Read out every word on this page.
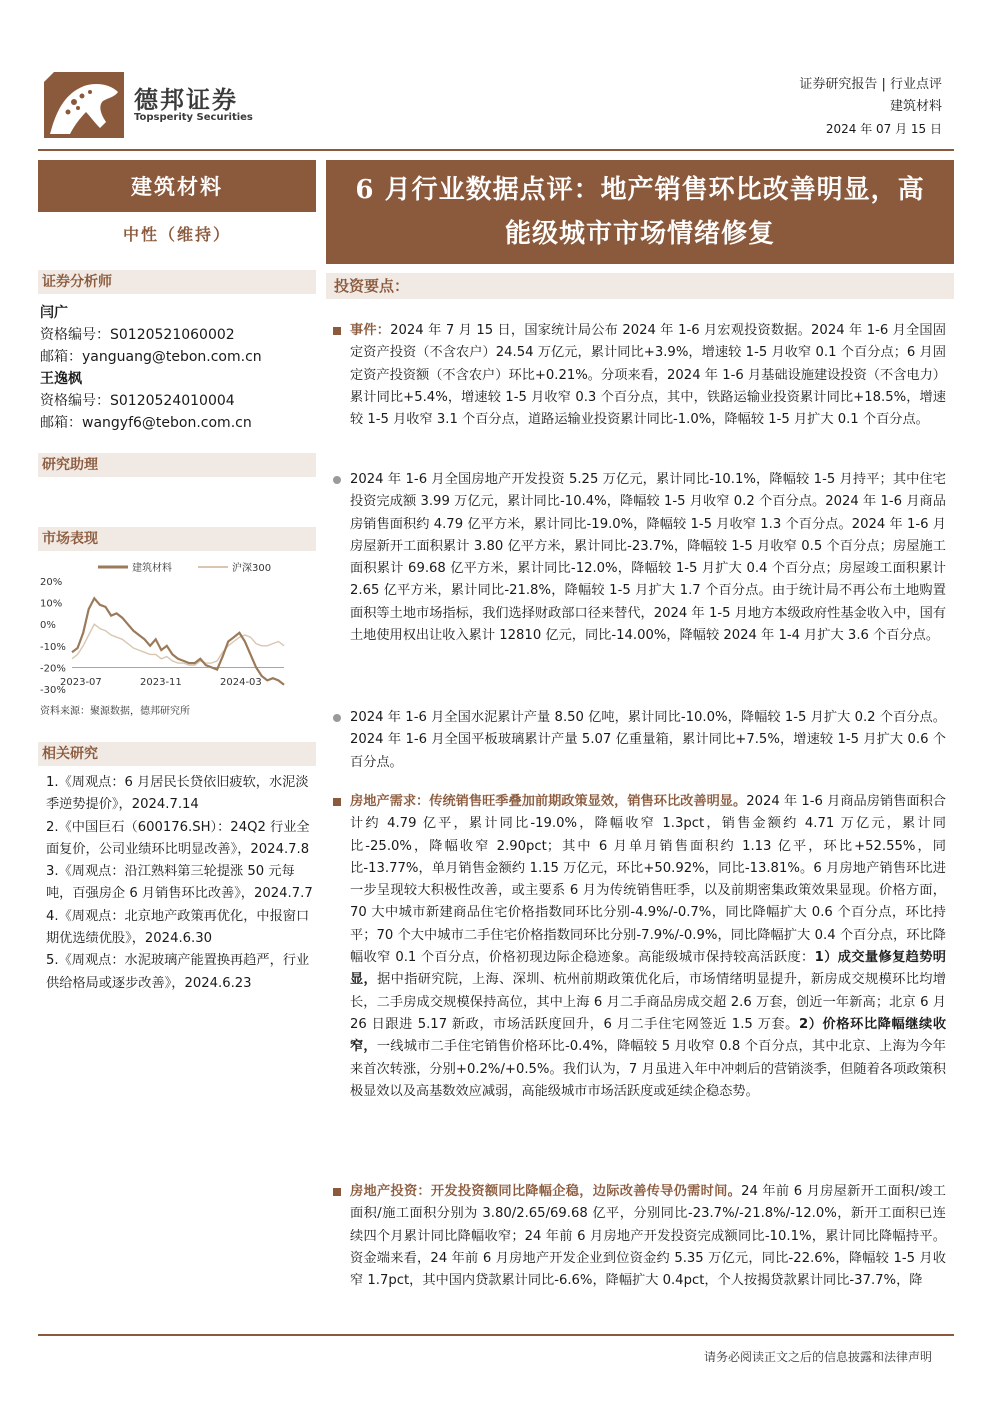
德邦证券
Topsperity Securities
证券研究报告 | 行业点评
建筑材料
2024 年 07 月 15 日
建筑材料
中性（维持）
6 月行业数据点评：地产销售环比改善明显，高能级城市市场情绪修复
证券分析师
闫广
资格编号：S0120521060002
邮箱：yanguang@tebon.com.cn
王逸枫
资格编号：S0120524010004
邮箱：wangyf6@tebon.com.cn
研究助理
市场表现
建筑材料	沪深300
20%
10%
0%
-10%
-20%
-30%
2023-07	2023-11	2024-03
资料来源：聚源数据，德邦研究所
相关研究
1.《周观点：6 月居民长贷依旧疲软，水泥淡季逆势提价》，2024.7.14
2.《中国巨石（600176.SH）：24Q2 行业全面复价，公司业绩环比明显改善》，2024.7.8
3.《周观点：沿江熟料第三轮提涨 50 元每吨，百强房企 6 月销售环比改善》，2024.7.7
4.《周观点：北京地产政策再优化，中报窗口期优选绩优股》，2024.6.30
5.《周观点：水泥玻璃产能置换再趋严，行业供给格局或逐步改善》，2024.6.23
投资要点：
事件：2024 年 7 月 15 日，国家统计局公布 2024 年 1-6 月宏观投资数据。2024 年 1-6 月全国固定资产投资（不含农户）24.54 万亿元，累计同比+3.9%，增速较 1-5 月收窄 0.1 个百分点；6 月固定资产投资额（不含农户）环比+0.21%。分项来看，2024 年 1-6 月基础设施建设投资（不含电力）累计同比+5.4%，增速较 1-5 月收窄 0.3 个百分点，其中，铁路运输业投资累计同比+18.5%，增速较 1-5 月收窄 3.1 个百分点，道路运输业投资累计同比-1.0%，降幅较 1-5 月扩大 0.1 个百分点。
2024 年 1-6 月全国房地产开发投资 5.25 万亿元，累计同比-10.1%，降幅较 1-5 月持平；其中住宅投资完成额 3.99 万亿元，累计同比-10.4%，降幅较 1-5 月收窄 0.2 个百分点。2024 年 1-6 月商品房销售面积约 4.79 亿平方米，累计同比-19.0%，降幅较 1-5 月收窄 1.3 个百分点。2024 年 1-6 月房屋新开工面积累计 3.80 亿平方米，累计同比-23.7%，降幅较 1-5 月收窄 0.5 个百分点；房屋施工面积累计 69.68 亿平方米，累计同比-12.0%，降幅较 1-5 月扩大 0.4 个百分点；房屋竣工面积累计 2.65 亿平方米，累计同比-21.8%，降幅较 1-5 月扩大 1.7 个百分点。由于统计局不再公布土地购置面积等土地市场指标，我们选择财政部口径来替代，2024 年 1-5 月地方本级政府性基金收入中，国有土地使用权出让收入累计 12810 亿元，同比-14.00%，降幅较 2024 年 1-4 月扩大 3.6 个百分点。
2024 年 1-6 月全国水泥累计产量 8.50 亿吨，累计同比-10.0%，降幅较 1-5 月扩大 0.2 个百分点。2024 年 1-6 月全国平板玻璃累计产量 5.07 亿重量箱，累计同比+7.5%，增速较 1-5 月扩大 0.6 个百分点。
房地产需求：传统销售旺季叠加前期政策显效，销售环比改善明显。2024 年 1-6 月商品房销售面积合计约 4.79 亿平，累计同比-19.0%，降幅收窄 1.3pct，销售金额约 4.71 万亿元，累计同比-25.0%，降幅收窄 2.90pct；其中 6 月单月销售面积约 1.13 亿平，环比+52.55%，同比-13.77%，单月销售金额约 1.15 万亿元，环比+50.92%，同比-13.81%。6 月房地产销售环比进一步呈现较大积极性改善，或主要系 6 月为传统销售旺季，以及前期密集政策效果显现。价格方面，70 大中城市新建商品住宅价格指数同环比分别-4.9%/-0.7%，同比降幅扩大 0.6 个百分点，环比持平；70 个大中城市二手住宅价格指数同环比分别-7.9%/-0.9%，同比降幅扩大 0.4 个百分点，环比降幅收窄 0.1 个百分点，价格初现边际企稳迹象。高能级城市保持较高活跃度：1）成交量修复趋势明显，据中指研究院，上海、深圳、杭州前期政策优化后，市场情绪明显提升，新房成交规模环比均增长，二手房成交规模保持高位，其中上海 6 月二手商品房成交超 2.6 万套，创近一年新高；北京 6 月 26 日跟进 5.17 新政，市场活跃度回升，6 月二手住宅网签近 1.5 万套。2）价格环比降幅继续收窄，一线城市二手住宅销售价格环比-0.4%，降幅较 5 月收窄 0.8 个百分点，其中北京、上海为今年来首次转涨，分别+0.2%/+0.5%。我们认为，7 月虽进入年中冲刺后的营销淡季，但随着各项政策积极显效以及高基数效应减弱，高能级城市市场活跃度或延续企稳态势。
房地产投资：开发投资额同比降幅企稳，边际改善传导仍需时间。24 年前 6 月房屋新开工面积/竣工面积/施工面积分别为 3.80/2.65/69.68 亿平，分别同比-23.7%/-21.8%/-12.0%，新开工面积已连续四个月累计同比降幅收窄；24 年前 6 月房地产开发投资完成额同比-10.1%，累计同比降幅持平。资金端来看，24 年前 6 月房地产开发企业到位资金约 5.35 万亿元，同比-22.6%，降幅较 1-5 月收窄 1.7pct，其中国内贷款累计同比-6.6%，降幅扩大 0.4pct，个人按揭贷款累计同比-37.7%，降
请务必阅读正文之后的信息披露和法律声明
